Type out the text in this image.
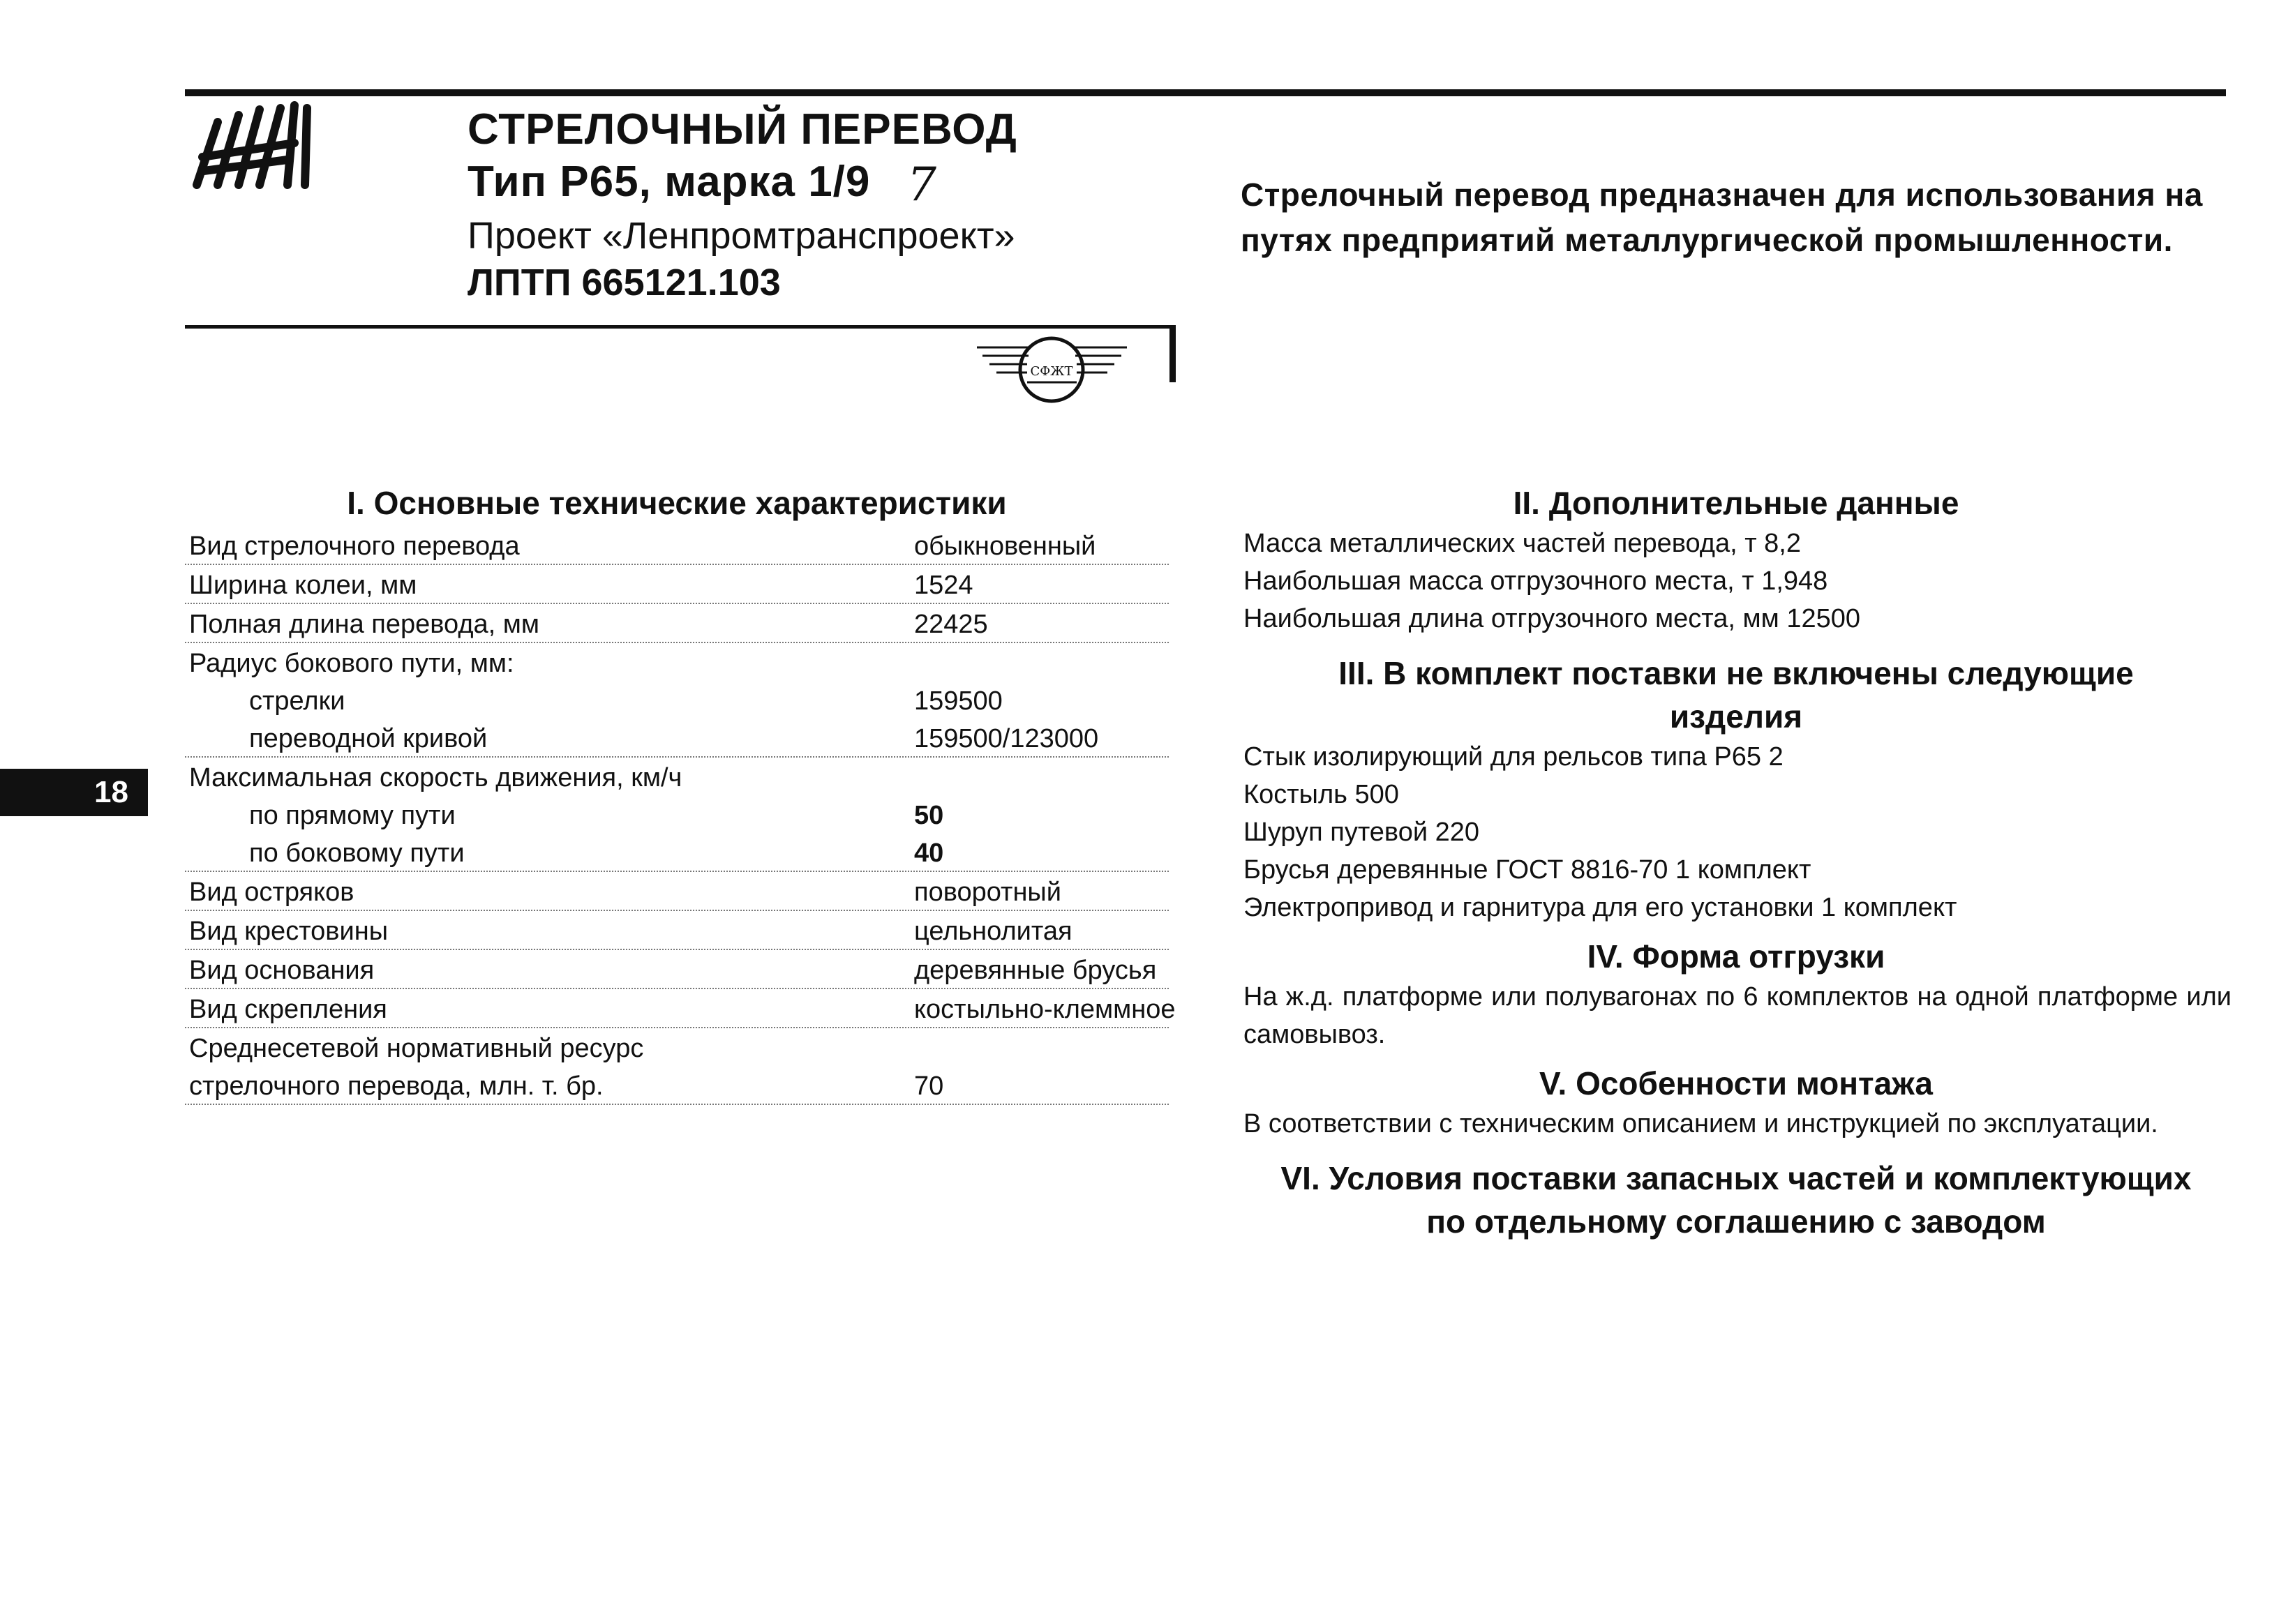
СТРЕЛОЧНЫЙ ПЕРЕВОД
Тип Р65, марка 1/9 7
Проект «Ленпромтранспроект»
ЛПТП 665121.103
СФЖТ
Стрелочный перевод предназначен для использования на путях предприятий металлургической промышленности.
18
I. Основные технические характеристики
Вид стрелочного перевода	обыкновенный
Ширина колеи, мм	1524
Полная длина перевода, мм	22425
Радиус бокового пути, мм:
стрелки	159500
переводной кривой	159500/123000
Максимальная скорость движения, км/ч
по прямому пути	50
по боковому пути	40
Вид остряков	поворотный
Вид крестовины	цельнолитая
Вид основания	деревянные брусья
Вид скрепления	костыльно-клеммное
Среднесетевой нормативный ресурс
стрелочного перевода, млн. т. бр.	70
II. Дополнительные данные
Масса металлических частей перевода, т 8,2
Наибольшая масса отгрузочного места, т 1,948
Наибольшая длина отгрузочного места, мм 12500
III. В комплект поставки не включены следующие
изделия
Стык изолирующий для рельсов типа Р65 2
Костыль 500
Шуруп путевой 220
Брусья деревянные ГОСТ 8816-70 1 комплект
Электропривод и гарнитура для его установки 1 комплект
IV. Форма отгрузки
На ж.д. платформе или полувагонах по 6 комплектов на одной платформе или самовывоз.
V. Особенности монтажа
В соответствии с техническим описанием и инструкцией по эксплуатации.
VI. Условия поставки запасных частей и комплектующих
по отдельному соглашению с заводом
